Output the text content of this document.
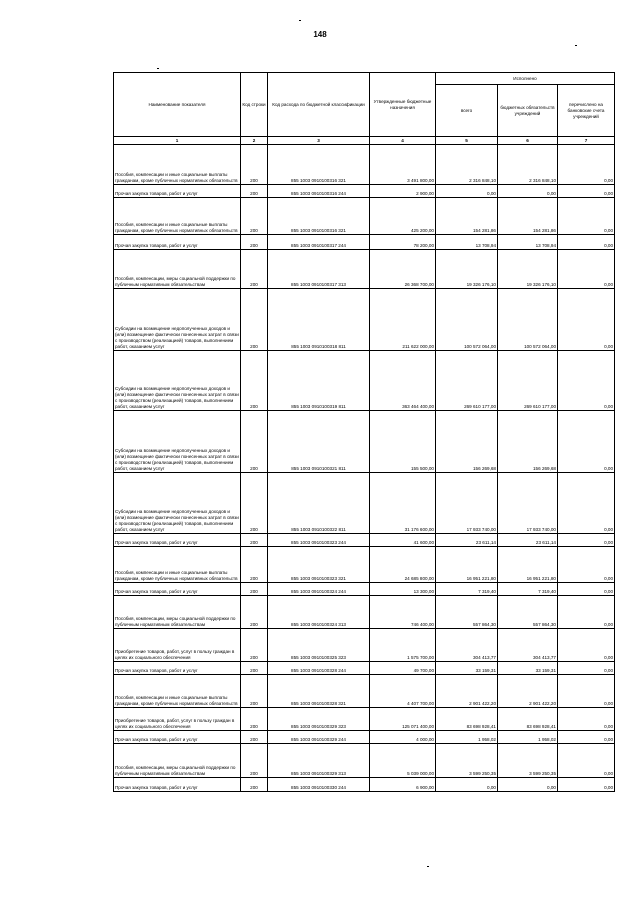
148
Наименование показателя	Код строки	Код расхода по бюджетной классификации	Утвержденные бюджетные назначения	Исполнено		
				всего	бюджетных обязательств учреждений	перечислено на банковские счета учреждений
1	2	3	4	5	6	7
Пособия, компенсации и иные социальные выплаты гражданам, кроме публичных нормативных обязательств	200	855 1003 0910100316 321	3 491 800,00	2 316 848,10	2 316 848,10	0,00
Прочая закупка товаров, работ и услуг	200	855 1003 0910100316 244	2 900,00	0,00	0,00	0,00
Пособия, компенсации и иные социальные выплаты гражданам, кроме публичных нормативных обязательств	200	855 1003 0910100316 321	425 200,00	154 281,86	154 281,86	0,00
Прочая закупка товаров, работ и услуг	200	855 1003 0910100317 244	78 200,00	13 708,94	13 708,94	0,00
Пособия, компенсации, меры социальной поддержки по публичным нормативным обязательствам	200	855 1003 0910100317 313	26 368 700,00	19 326 176,10	19 326 176,10	0,00
Субсидии на возмещение недополученных доходов и (или) возмещение фактически понесенных затрат в связи с производством (реализацией) товаров, выполнением работ, оказанием услуг	200	855 1003 0910100318 811	211 622 000,00	100 572 064,00	100 572 064,00	0,00
Субсидии на возмещение недополученных доходов и (или) возмещение фактически понесенных затрат в связи с производством (реализацией) товаров, выполнением работ, оказанием услуг	200	855 1003 0910100319 811	363 464 400,00	269 610 177,00	269 610 177,00	0,00
Субсидии на возмещение недополученных доходов и (или) возмещение фактически понесенных затрат в связи с производством (реализацией) товаров, выполнением работ, оказанием услуг	200	855 1003 0910100321 811	155 500,00	156 269,68	156 269,68	0,00
Субсидии на возмещение недополученных доходов и (или) возмещение фактически понесенных затрат в связи с производством (реализацией) товаров, выполнением работ, оказанием услуг	200	855 1003 0910100322 811	31 176 600,00	17 933 740,00	17 933 740,00	0,00
Прочая закупка товаров, работ и услуг	200	855 1003 0910100323 244	41 600,00	23 611,14	23 611,14	0,00
Пособия, компенсации и иные социальные выплаты гражданам, кроме публичных нормативных обязательств	200	855 1003 0910100323 321	24 685 800,00	16 951 221,80	16 951 221,80	0,00
Прочая закупка товаров, работ и услуг	200	855 1003 0910100324 244	13 300,00	7 319,40	7 319,40	0,00
Пособия, компенсации, меры социальной поддержки по публичным нормативным обязательствам	200	855 1003 0910100324 313	746 400,00	557 864,30	557 864,30	0,00
Приобретение товаров, работ, услуг в пользу граждан в целях их социального обеспечения	200	855 1003 0910100325 323	1 575 700,00	304 413,77	304 413,77	0,00
Прочая закупка товаров, работ и услуг	200	855 1003 0910100328 244	49 700,00	33 159,31	33 159,31	0,00
Пособия, компенсации и иные социальные выплаты гражданам, кроме публичных нормативных обязательств	200	855 1003 0910100328 321	4 407 700,00	2 901 422,20	2 901 422,20	0,00
Приобретение товаров, работ, услуг в пользу граждан в целях их социального обеспечения	200	855 1003 0910100329 323	125 071 400,00	83 698 928,41	83 698 928,41	0,00
Прочая закупка товаров, работ и услуг	200	855 1003 0910100329 244	4 000,00	1 958,02	1 958,02	0,00
Пособия, компенсации, меры социальной поддержки по публичным нормативным обязательствам	200	855 1003 0910100329 313	5 039 000,00	3 599 250,35	3 599 250,35	0,00
Прочая закупка товаров, работ и услуг	200	855 1003 0910100330 244	6 900,00	0,00	0,00	0,00
